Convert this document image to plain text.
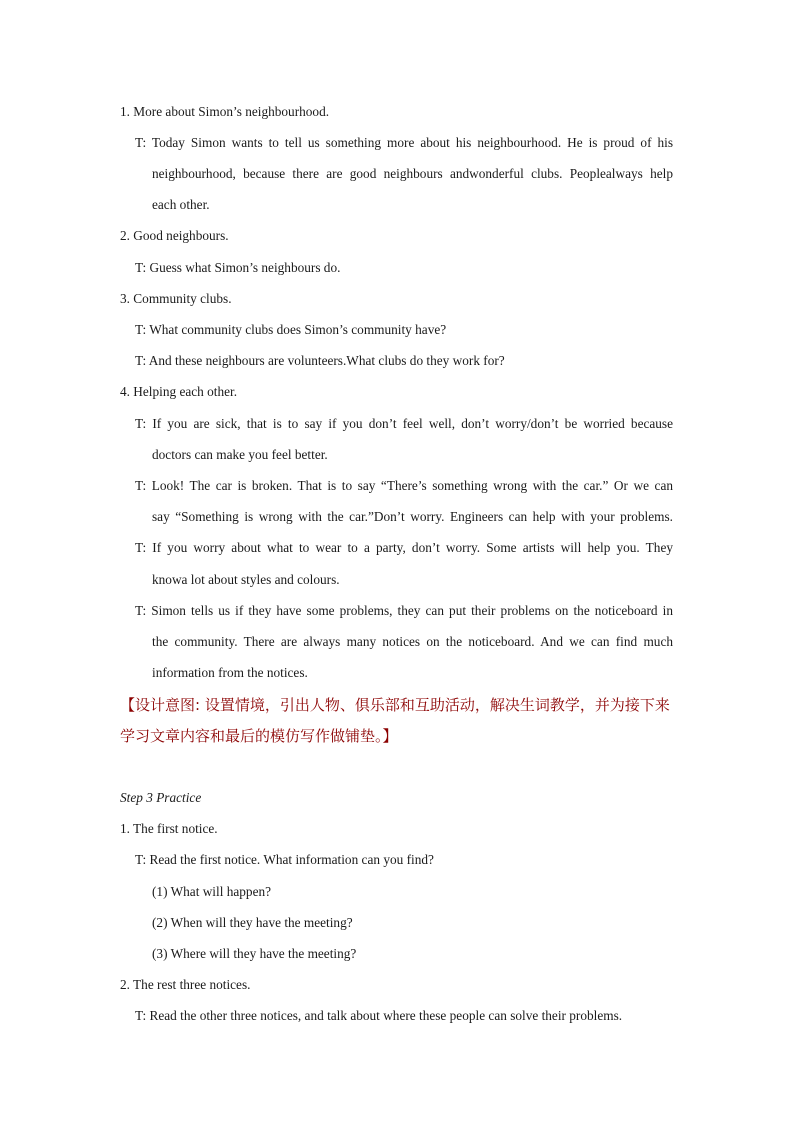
1. More about Simon’s neighbourhood.
T: Today Simon wants to tell us something more about his neighbourhood. He is proud of his
neighbourhood, because there are good neighbours andwonderful clubs. Peoplealways help
each other.
2. Good neighbours.
T: Guess what Simon’s neighbours do.
3. Community clubs.
T: What community clubs does Simon’s community have?
T: And these neighbours are volunteers.What clubs do they work for?
4. Helping each other.
T: If you are sick, that is to say if you don’t feel well, don’t worry/don’t be worried because
doctors can make you feel better.
T: Look! The car is broken. That is to say “There’s something wrong with the car.” Or we can
say “Something is wrong with the car.”Don’t worry. Engineers can help with your problems.
T: If you worry about what to wear to a party, don’t worry. Some artists will help you. They
knowa lot about styles and colours.
T: Simon tells us if they have some problems, they can put their problems on the noticeboard in
the community. There are always many notices on the noticeboard. And we can find much
information from the notices.
【设计意图: 设置情境，引出人物、俱乐部和互助活动，解决生词教学，并为接下来学习文章内容和最后的模仿写作做铺垫。】
Step 3 Practice
1. The first notice.
T: Read the first notice. What information can you find?
(1) What will happen?
(2) When will they have the meeting?
(3) Where will they have the meeting?
2. The rest three notices.
T: Read the other three notices, and talk about where these people can solve their problems.
